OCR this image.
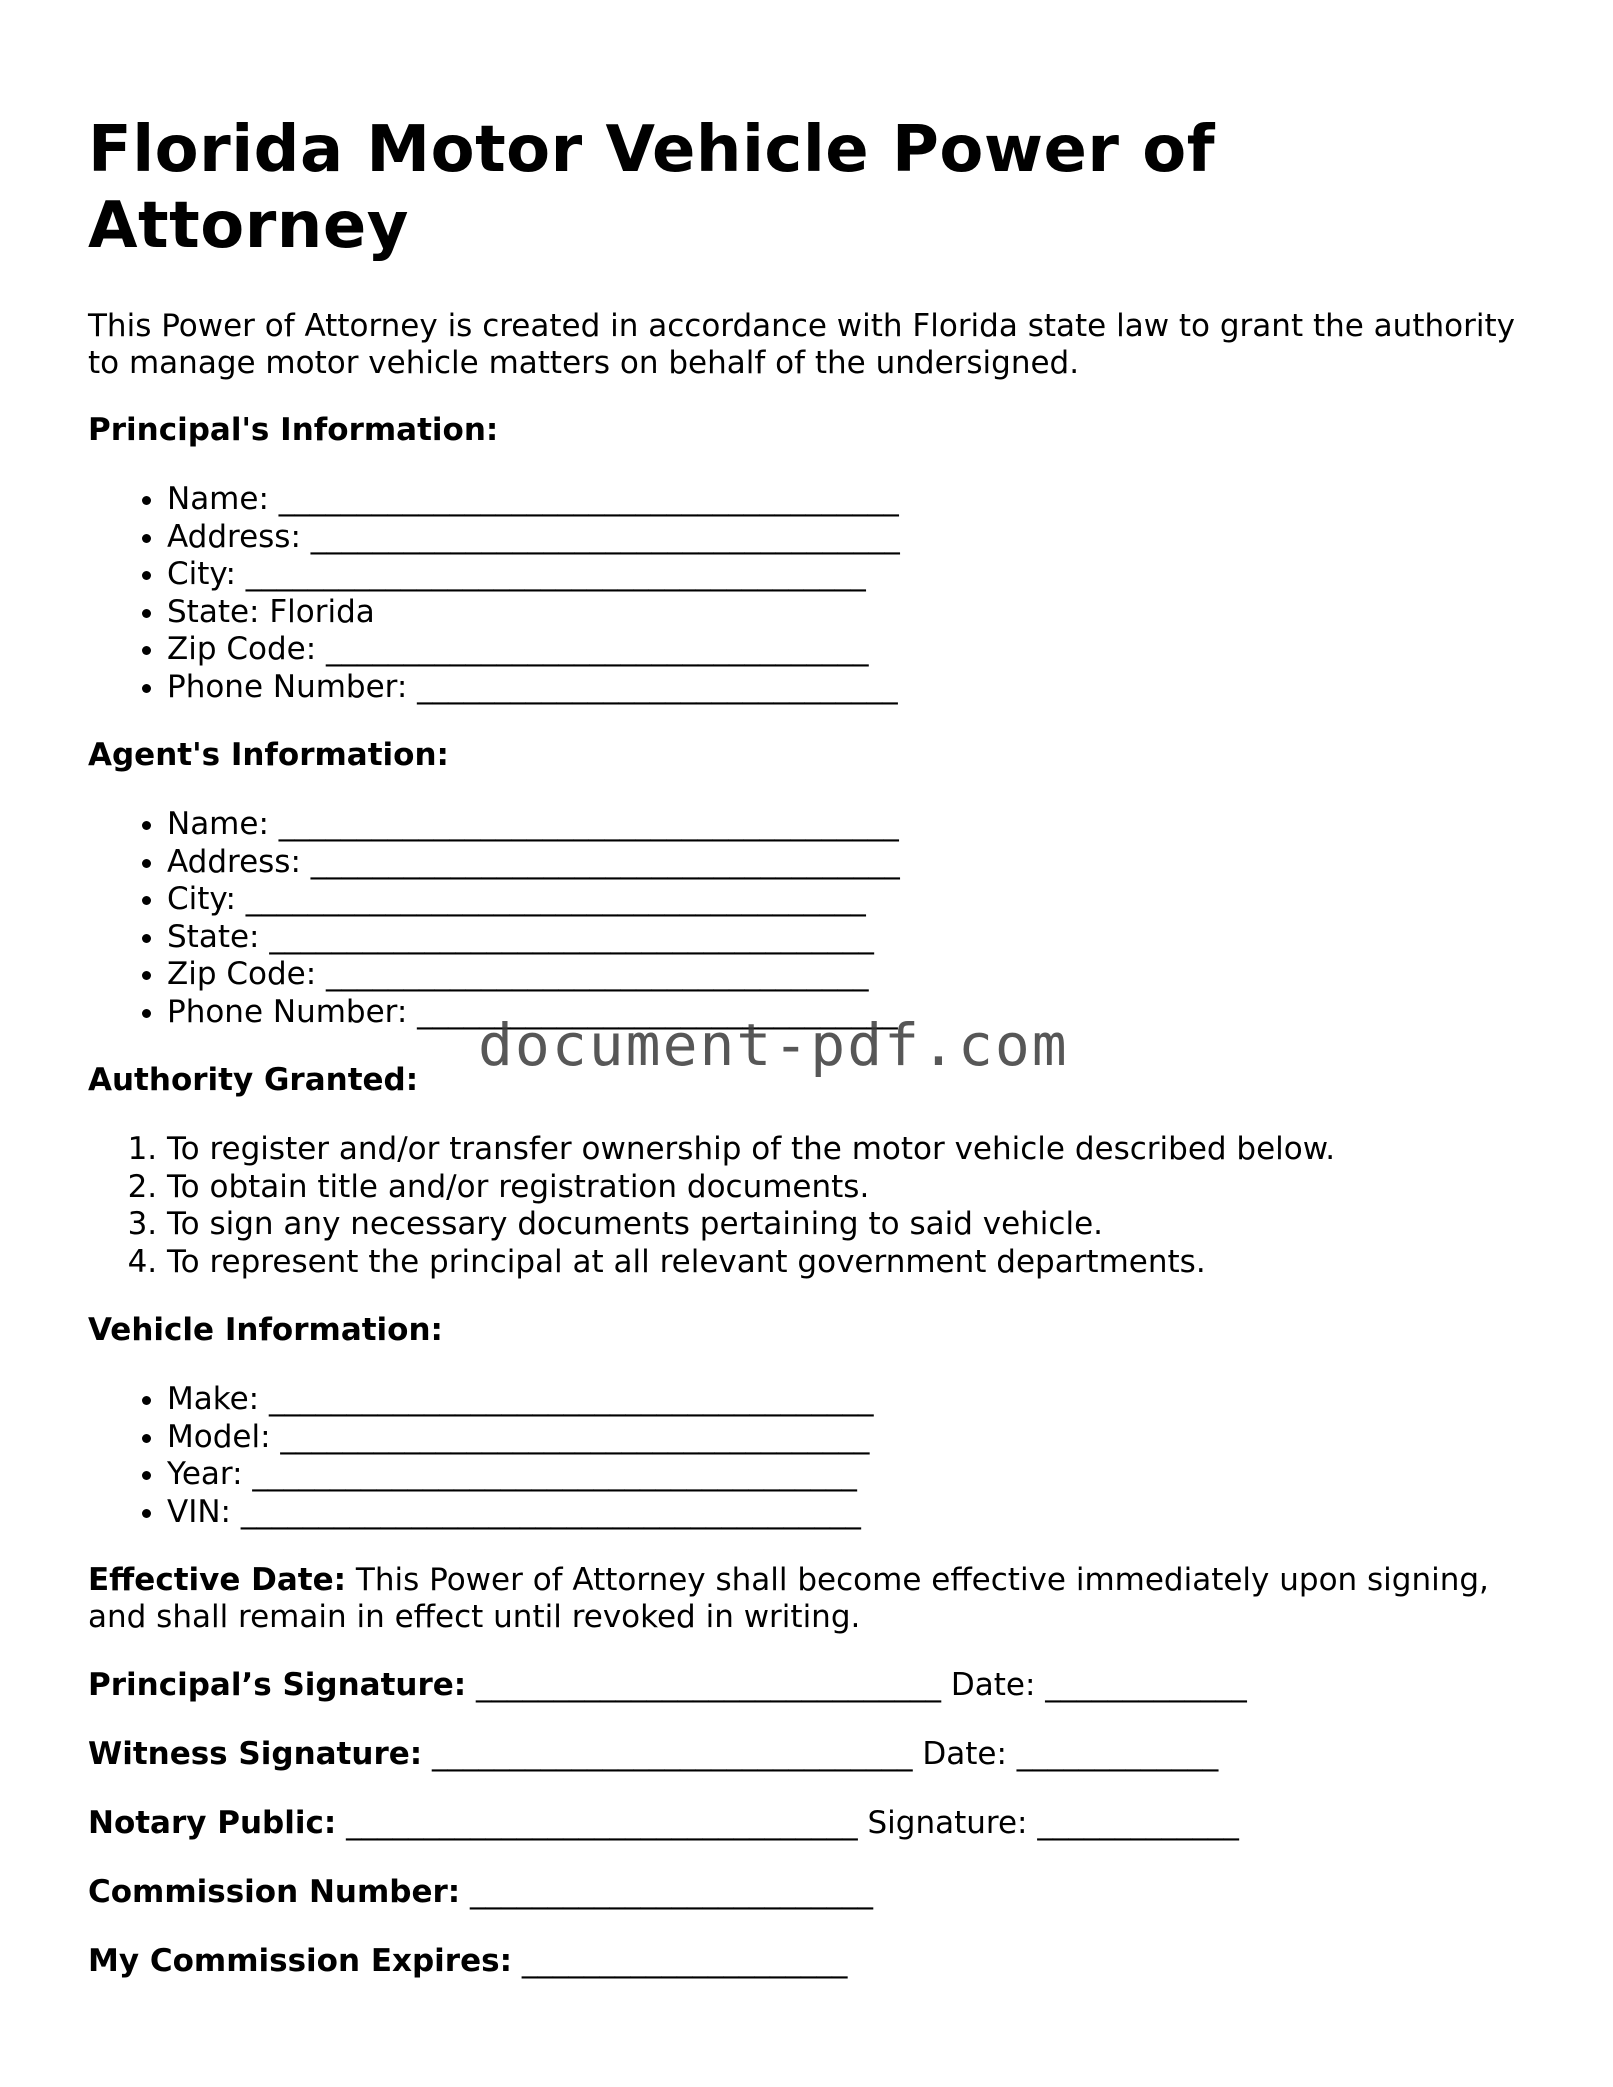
Florida Motor Vehicle Power of Attorney

This Power of Attorney is created in accordance with Florida state law to grant the authority to manage motor vehicle matters on behalf of the undersigned.

Principal's Information:
• Name: ________________________________________
• Address: ______________________________________
• City: ________________________________________
• State: Florida
• Zip Code: ___________________________________
• Phone Number: _______________________________
Agent's Information:
• Name: ________________________________________
• Address: ______________________________________
• City: ________________________________________
• State: _______________________________________
• Zip Code: ___________________________________
• Phone Number: _______________________________
Authority Granted:
1. To register and/or transfer ownership of the motor vehicle described below.
2. To obtain title and/or registration documents.
3. To sign any necessary documents pertaining to said vehicle.
4. To represent the principal at all relevant government departments.
Vehicle Information:
• Make: _______________________________________
• Model: ______________________________________
• Year: _______________________________________
• VIN: ________________________________________

Effective Date: This Power of Attorney shall become effective immediately upon signing, and shall remain in effect until revoked in writing.

Principal’s Signature: ______________________________ Date: _____________
Witness Signature: _______________________________ Date: _____________
Notary Public: _________________________________ Signature: _____________
Commission Number: __________________________
My Commission Expires: _____________________
document-pdf.com
